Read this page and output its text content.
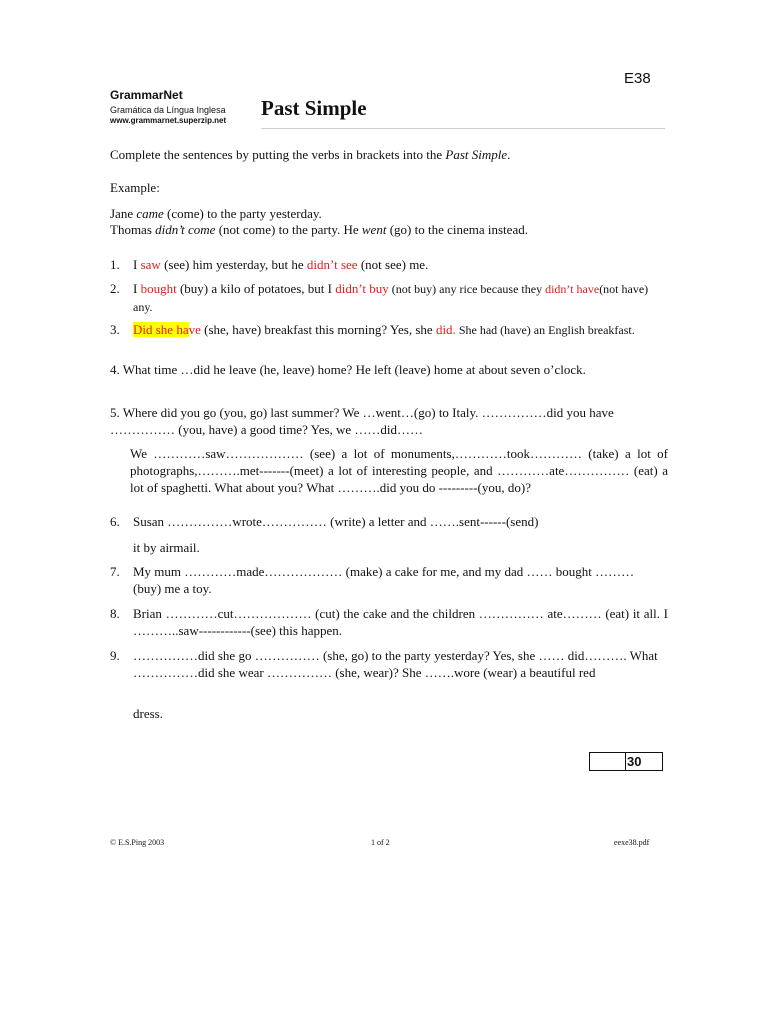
E38
GrammarNet
Gramática da Língua Inglesa
www.grammarnet.superzip.net
Past Simple
Complete the sentences by putting the verbs in brackets into the Past Simple.
Example:
Jane came (come) to the party yesterday.
Thomas didn’t come (not come) to the party. He went (go) to the cinema instead.
1. I saw (see) him yesterday, but he didn’t see (not see) me.
2. I bought (buy) a kilo of potatoes, but I didn’t buy (not buy) any rice because they didn’t have(not have) any.
3. Did she have (she, have) breakfast this morning? Yes, she did. She had (have) an English breakfast.
4. What time …did he leave (he, leave) home? He left (leave) home at about seven o’clock.
5. Where did you go (you, go) last summer? We …went…(go) to Italy. ……………did you have …………… (you, have) a good time? Yes, we ……did……
We …………saw……………… (see) a lot of monuments,…………took………… (take) a lot of photographs,……….met-------(meet) a lot of interesting people, and …………ate…………… (eat) a lot of spaghetti. What about you? What ……….did you do ---------(you, do)?
6. Susan ……………wrote…………… (write) a letter and …….sent------(send)
it by airmail.
7. My mum …………made……………… (make) a cake for me, and my dad …… bought ………(buy) me a toy.
8. Brian …………cut……………… (cut) the cake and the children …………… ate……… (eat) it all. I ………..saw------------(see) this happen.
9. ……………did she go …………… (she, go) to the party yesterday? Yes, she …… did………. What ……………did she wear …………… (she, wear)? She …….wore (wear) a beautiful red
dress.
30
© E.S.Ping 2003	1 of 2	eexe38.pdf
